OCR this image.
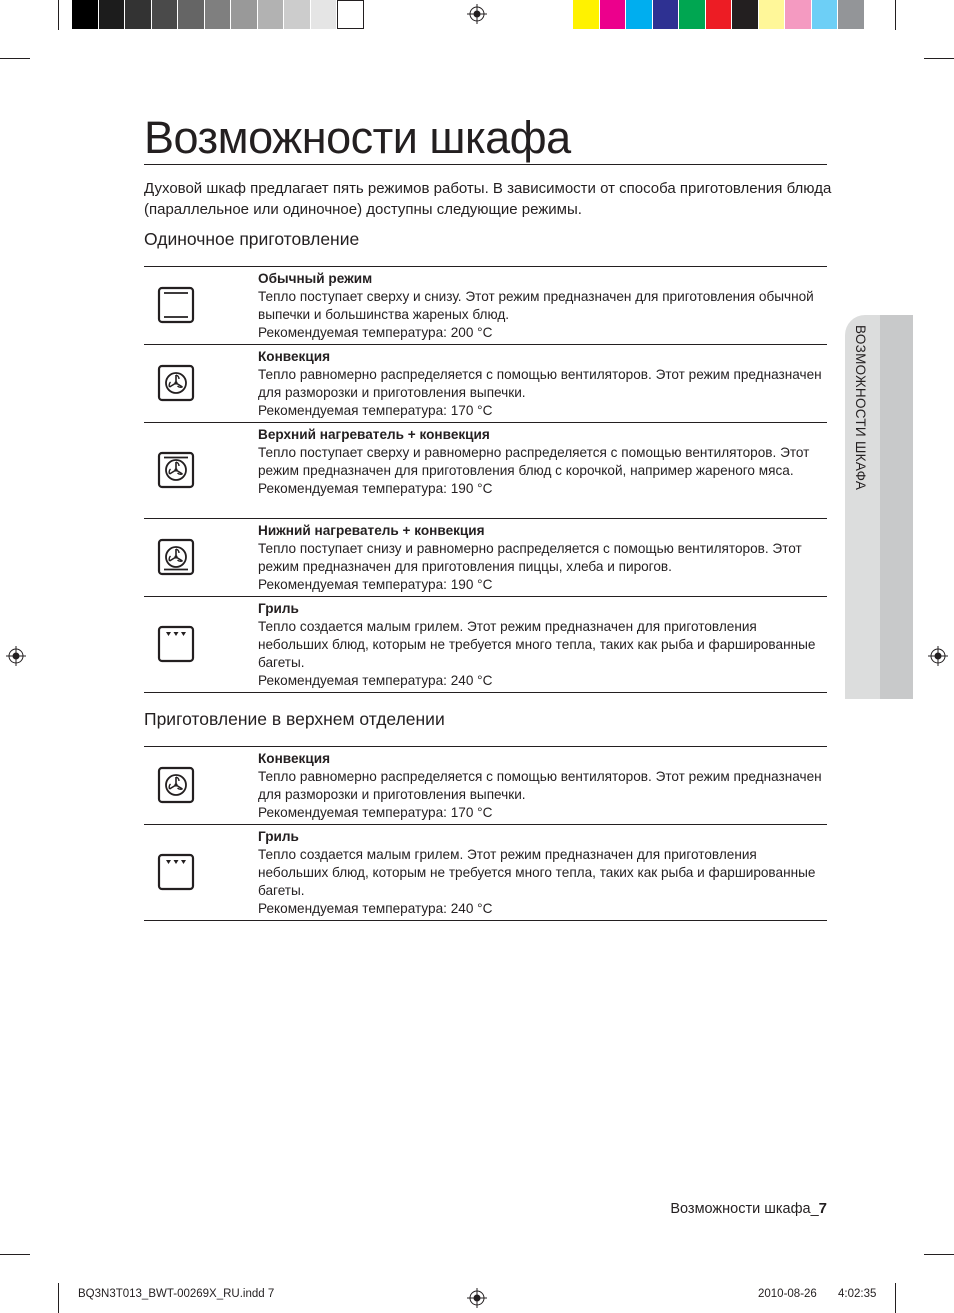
Возможности шкафа

Духовой шкаф предлагает пять режимов работы. В зависимости от способа приготовления блюда (параллельное или одиночное) доступны следующие режимы.

Одиночное приготовление
Обычный режим
Тепло поступает сверху и снизу. Этот режим предназначен для приготовления обычной выпечки и большинства жареных блюд.
Рекомендуемая температура: 200 °C
Конвекция
Тепло равномерно распределяется с помощью вентиляторов. Этот режим предназначен для разморозки и приготовления выпечки.
Рекомендуемая температура: 170 °C
Верхний нагреватель + конвекция
Тепло поступает сверху и равномерно распределяется с помощью вентиляторов. Этот режим предназначен для приготовления блюд с корочкой, например жареного мяса.
Рекомендуемая температура: 190 °C
Нижний нагреватель + конвекция
Тепло поступает снизу и равномерно распределяется с помощью вентиляторов. Этот режим предназначен для приготовления пиццы, хлеба и пирогов.
Рекомендуемая температура: 190 °C
Гриль
Тепло создается малым грилем. Этот режим предназначен для приготовления небольших блюд, которым не требуется много тепла, таких как рыба и фаршированные багеты.
Рекомендуемая температура: 240 °C
Приготовление в верхнем отделении
Конвекция
Тепло равномерно распределяется с помощью вентиляторов. Этот режим предназначен для разморозки и приготовления выпечки.
Рекомендуемая температура: 170 °C
Гриль
Тепло создается малым грилем. Этот режим предназначен для приготовления небольших блюд, которым не требуется много тепла, таких как рыба и фаршированные багеты.
Рекомендуемая температура: 240 °C
ВОЗМОЖНОСТИ ШКАФА
Возможности шкафа_7
BQ3N3T013_BWT-00269X_RU.indd 7	2010-08-26 4:02:35
